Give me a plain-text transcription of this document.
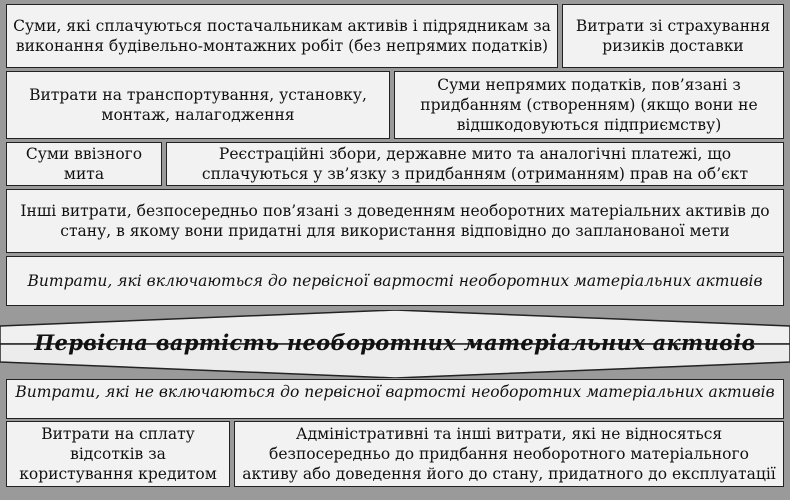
Суми, які сплачуються постачальникам активів і підрядникам за виконання будівельно-монтажних робіт (без непрямих податків)
Витрати зі страхування ризиків доставки
Витрати на транспортування, установку, монтаж, налагодження
Суми непрямих податків, пов’язані з придбанням (створенням) (якщо вони не відшкодовуються підприємству)
Суми ввізного мита
Реєстраційні збори, державне мито та аналогічні платежі, що сплачуються у зв’язку з придбанням (отриманням) прав на об’єкт
Інші витрати, безпосередньо пов’язані з доведенням необоротних матеріальних активів до стану, в якому вони придатні для використання відповідно до запланованої мети
Витрати, які включаються до первісної вартості необоротних матеріальних активів
Первісна вартість необоротних матеріальних активів
Витрати, які не включаються до первісної вартості необоротних матеріальних активів
Витрати на сплату відсотків за користування кредитом
Адміністративні та інші витрати, які не відносяться безпосередньо до придбання необоротного матеріального активу або доведення його до стану, придатного до експлуатації
